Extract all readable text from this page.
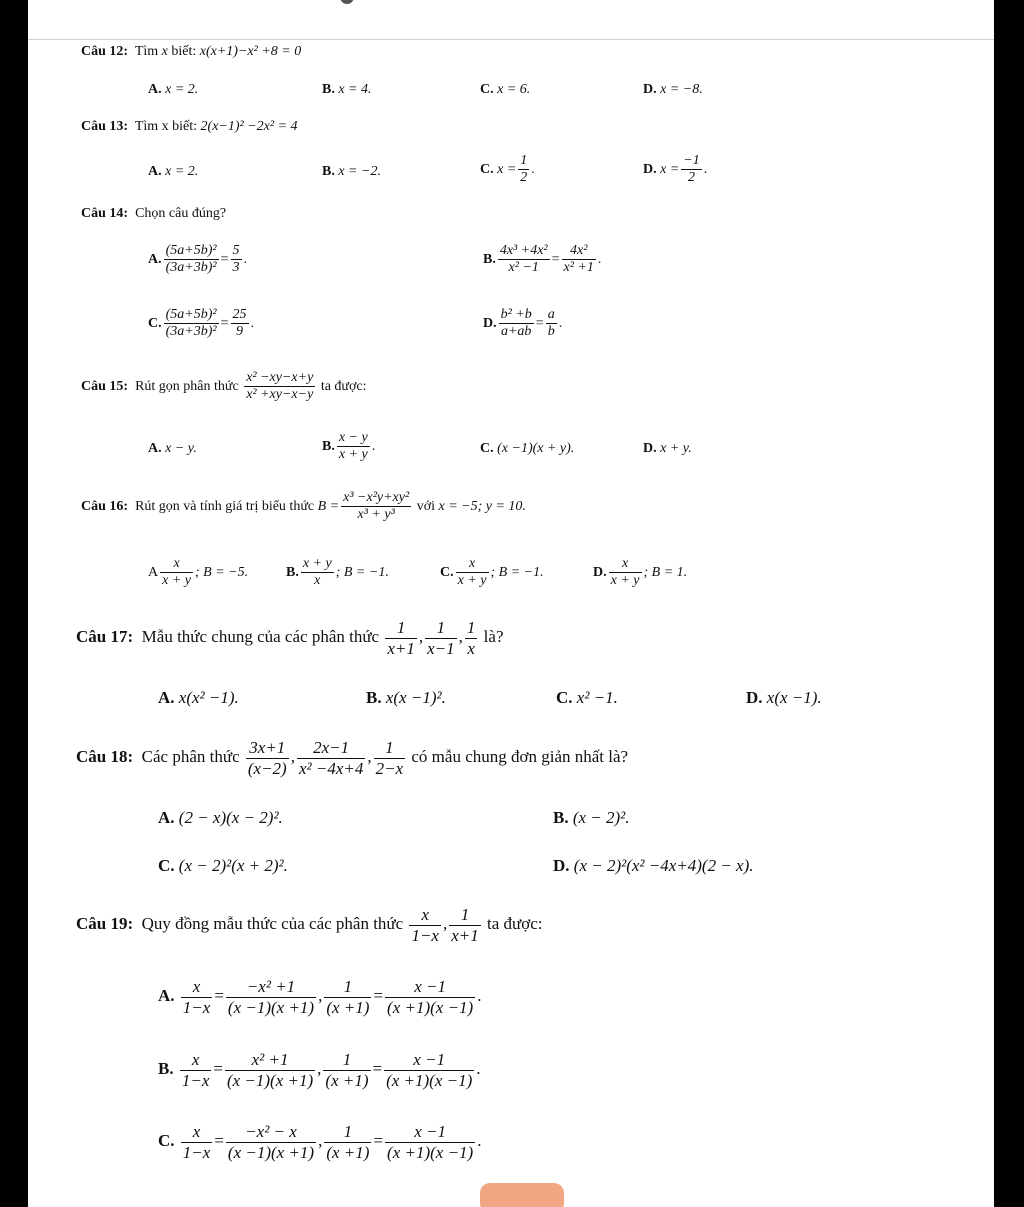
Câu 12: Tìm x biết: x(x+1)−x² +8 = 0
A. x = 2.	B. x = 4.	C. x = 6.	D. x = −8.
Câu 13: Tìm x biết: 2(x−1)² −2x² = 4
A. x = 2.	B. x = −2.	C. $x = \frac{1}{2}$ .	D. $x = \frac{-1}{2}$ .
Câu 14: Chọn câu đúng?
A. $\frac{\text{(5a+5b)²}}{\text{(3a+3b)²}} = \frac{5}{3}$ .	B. $\frac{\text{4x³ +4x²}}{\text{x² −1}} = \frac{\text{4x²}}{\text{x² +1}}$ .
C. $\frac{\text{(5a+5b)²}}{\text{(3a+3b)²}} = \frac{25}{9}$ .	D. $\frac{\text{b² +b}}{a+ab} = \frac{a}{b}$ .
Câu 15: Rút gọn phân thức $\frac{\text{x² −xy−x+y}}{\text{x² +xy−x−y}}$ ta được:
A. x − y.	B. $\frac{x - y}{x + y}$ .	C. (x −1)(x + y).	D. x + y.
Câu 16: Rút gọn và tính giá trị biểu thức $B = \frac{\text{x³ −x²y+xy²}}{\text{x³ + y³}}$ với x = −5; y = 10.
A $\frac{x}{x + y}$ ; B = −5.	B. $\frac{x + y}{x}$ ; B = −1.	C. $\frac{x}{x + y}$ ; B = −1.	D. $\frac{x}{x + y}$ ; B = 1.
Câu 17: Mẫu thức chung của các phân thức $\frac{1}{x+1}$ , $\frac{1}{x-1}$ , $\frac{1}{x}$ là?
A. x(x² −1).	B. x(x −1)².	C. x² −1.	D. x(x −1).
Câu 18: Các phân thức $\frac{3x+1}{(x-2)}$ , $\frac{2x-1}{\text{x² −4x+4}}$ , $\frac{1}{2-x}$ có mẫu chung đơn giản nhất là?
A. (2 − x)(x − 2)².	B. (x − 2)².
C. (x − 2)²(x + 2)².	D. (x − 2)²(x² −4x+4)(2 − x).
Câu 19: Quy đồng mẫu thức của các phân thức $\frac{x}{1-x}$ , $\frac{1}{x+1}$ ta được:
A. $\frac{x}{1-x} = \frac{\text{−x² +1}}{(x -1)(x +1)}$ , $\frac{1}{(x +1)} = \frac{x -1}{(x +1)(x -1)}$ .
B. $\frac{x}{1-x} = \frac{\text{x² +1}}{(x -1)(x +1)}$ , $\frac{1}{(x +1)} = \frac{x -1}{(x +1)(x -1)}$ .
C. $\frac{x}{1-x} = \frac{\text{−x² − x}}{(x -1)(x +1)}$ , $\frac{1}{(x +1)} = \frac{x -1}{(x +1)(x -1)}$ .
